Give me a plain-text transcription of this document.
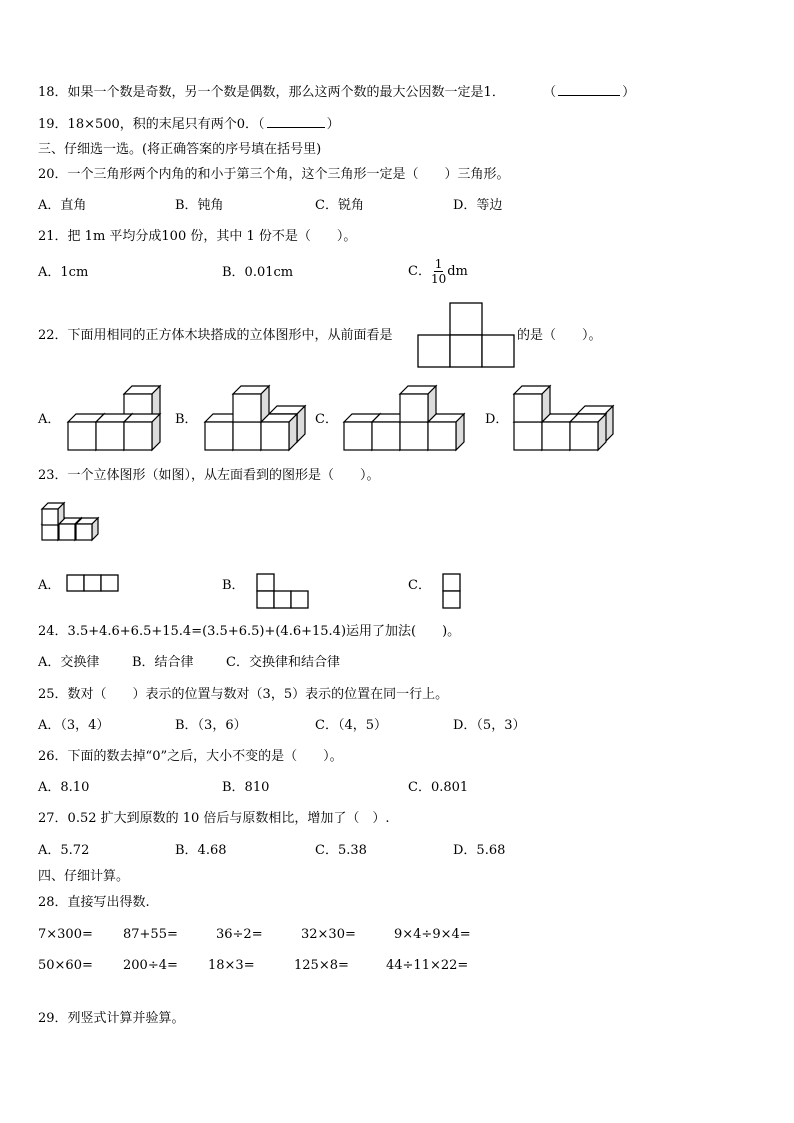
18．如果一个数是奇数，另一个数是偶数，那么这两个数的最大公因数一定是1．	（	）
19．18×500，积的末尾只有两个0．（	）
三、仔细选一选。(将正确答案的序号填在括号里)
20．一个三角形两个内角的和小于第三个角，这个三角形一定是（　　）三角形。
A．直角	B．钝角	C．锐角	D．等边
21．把 1m 平均分成100 份，其中 1 份不是（　　）。
A．1cm	B．0.01cm	C． $\frac{1}{10}$ dm
22．下面用相同的正方体木块搭成的立体图形中，从前面看是	的是（　　）。
A．	B．	C．	D．
23．一个立体图形（如图），从左面看到的图形是（　　）。
A．	B．	C．
24．3.5+4.6+6.5+15.4=(3.5+6.5)+(4.6+15.4)运用了加法(　　)。
A．交换律	B．结合律 C．交换律和结合律
25．数对（　　）表示的位置与数对（3，5）表示的位置在同一行上。
A．（3，4）	B．（3，6）	C．（4，5）	D．（5，3）
26．下面的数去掉“0”之后，大小不变的是（　　）。
A．8.10	B．810	C．0.801
27．0.52 扩大到原数的 10 倍后与原数相比，增加了（　）.
A．5.72	B．4.68	C．5.38	D．5.68
四、仔细计算。
28．直接写出得数.
7×300= 87+55=	36÷2=	32×30=	9×4÷9×4=
50×60= 200÷4= 18×3=	125×8=	44÷11×22=
29．列竖式计算并验算。
